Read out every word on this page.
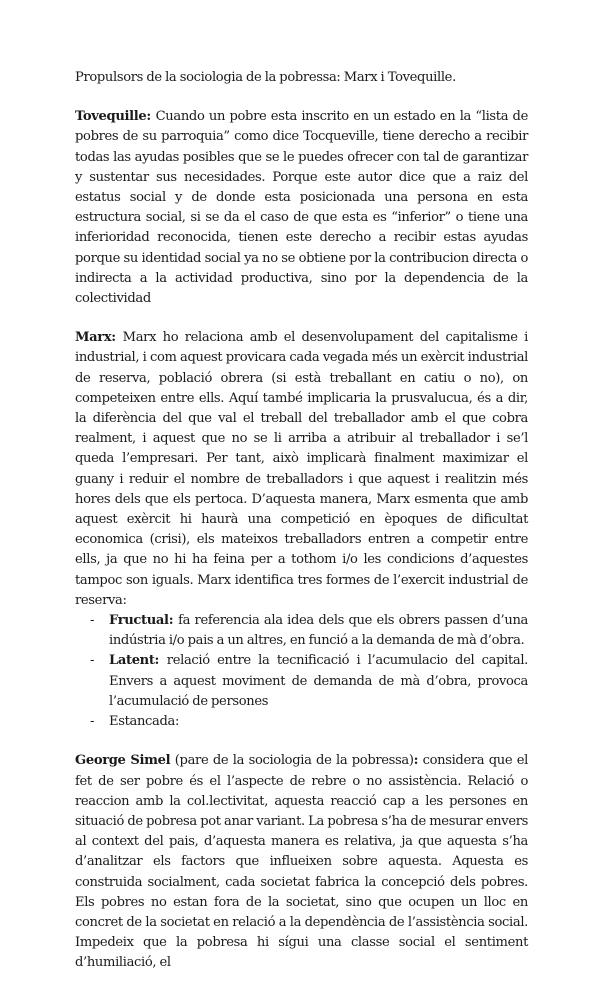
Propulsors de la sociologia de la pobressa: Marx i Tovequille.

Tovequille: Cuando un pobre esta inscrito en un estado en la “lista de pobres de su parroquia” como dice Tocqueville, tiene derecho a recibir todas las ayudas posibles que se le puedes ofrecer con tal de garantizar y sustentar sus necesidades. Porque este autor dice que a raiz del estatus social y de donde esta posicionada una persona en esta estructura social, si se da el caso de que esta es “inferior” o tiene una inferioridad reconocida, tienen este derecho a recibir estas ayudas porque su identidad social ya no se obtiene por la contribucion directa o indirecta a la actividad productiva, sino por la dependencia de la colectividad

Marx: Marx ho relaciona amb el desenvolupament del capitalisme i industrial, i com aquest provicara cada vegada més un exèrcit industrial de reserva, població obrera (si està treballant en catiu o no), on competeixen entre ells. Aquí també implicaria la prusvalucua, és a dir, la diferència del que val el treball del treballador amb el que cobra realment, i aquest que no se li arriba a atribuir al treballador i se’l queda l’empresari. Per tant, això implicarà finalment maximizar el guany i reduir el nombre de treballadors i que aquest i realitzin més hores dels que els pertoca. D’aquesta manera, Marx esmenta que amb aquest exèrcit hi haurà una competició en èpoques de dificultat economica (crisi), els mateixos treballadors entren a competir entre ells, ja que no hi ha feina per a tothom i/o les condicions d’aquestes tampoc son iguals. Marx identifica tres formes de l’exercit industrial de reserva:

- Fructual: fa referencia ala idea dels que els obrers passen d’una indústria i/o pais a un altres, en funció a la demanda de mà d’obra.
- Latent: relació entre la tecnificació i l’acumulacio del capital. Envers a aquest moviment de demanda de mà d’obra, provoca l’acumulació de persones
- Estancada:

George Simel (pare de la sociologia de la pobressa): considera que el fet de ser pobre és el l’aspecte de rebre o no assistència. Relació o reaccion amb la col.lectivitat, aquesta reacció cap a les persones en situació de pobresa pot anar variant. La pobresa s’ha de mesurar envers al context del pais, d’aquesta manera es relativa, ja que aquesta s’ha d’analitzar els factors que influeixen sobre aquesta. Aquesta es construida socialment, cada societat fabrica la concepció dels pobres. Els pobres no estan fora de la societat, sino que ocupen un lloc en concret de la societat en relació a la dependència de l’assistència social. Impedeix que la pobresa hi sígui una classe social el sentiment d’humiliació, el
